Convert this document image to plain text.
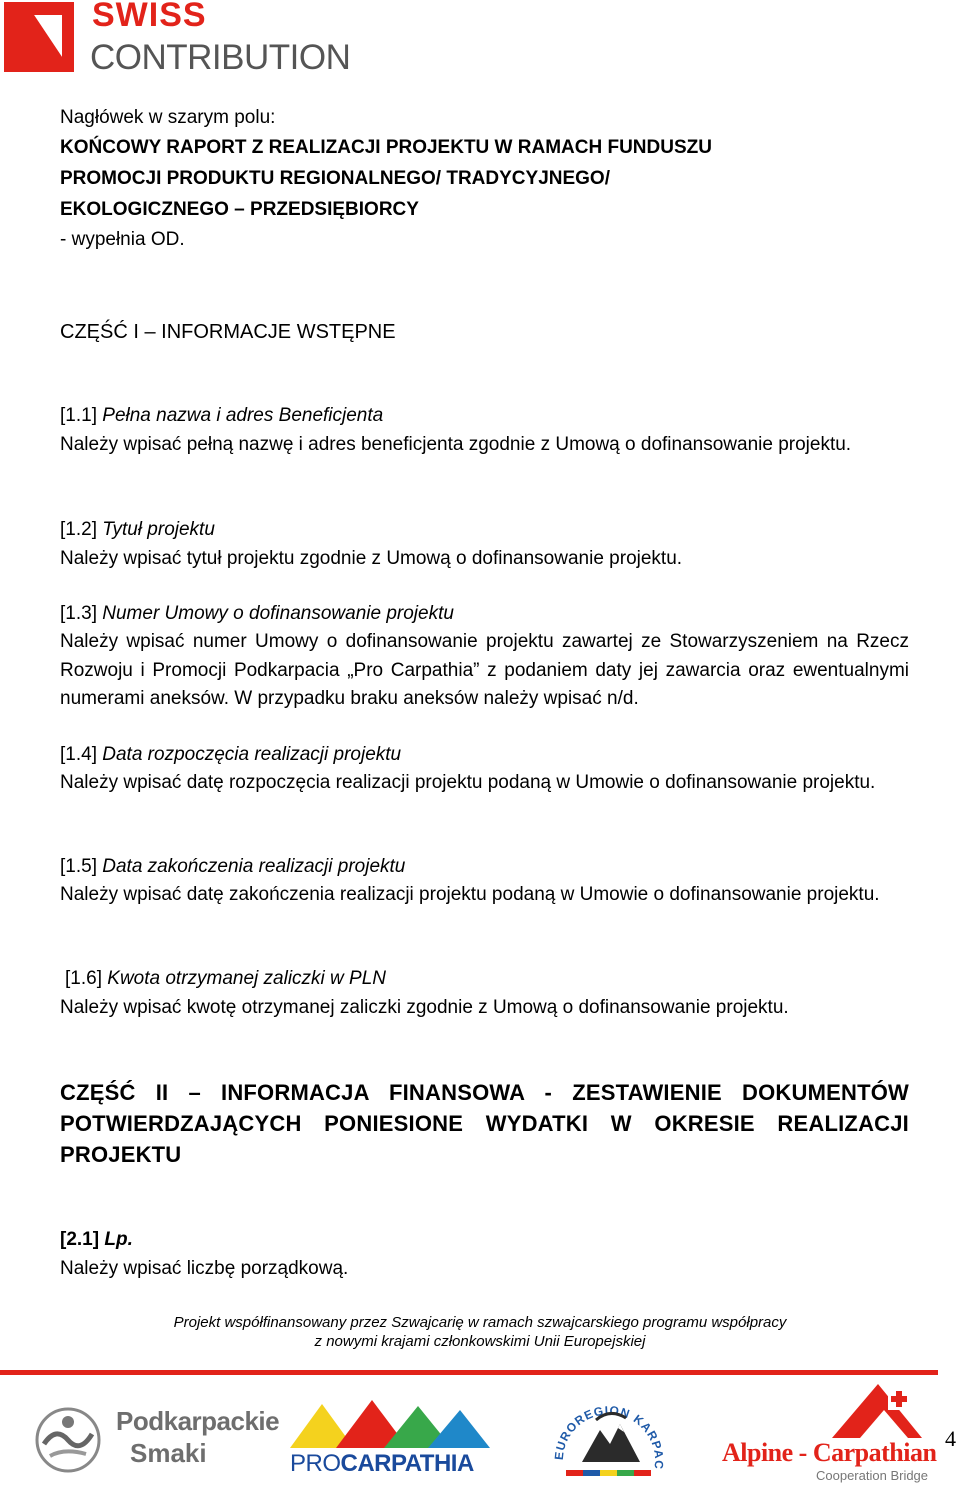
SWISS
CONTRIBUTION
Nagłówek w szarym polu:
KOŃCOWY RAPORT Z REALIZACJI PROJEKTU W RAMACH FUNDUSZU
PROMOCJI PRODUKTU REGIONALNEGO/ TRADYCYJNEGO/
EKOLOGICZNEGO – PRZEDSIĘBIORCY
- wypełnia OD.
CZĘŚĆ I – INFORMACJE WSTĘPNE
[1.1] Pełna nazwa i adres Beneficjenta
Należy wpisać pełną nazwę i adres beneficjenta zgodnie z Umową o dofinansowanie projektu.
[1.2] Tytuł projektu
Należy wpisać tytuł projektu zgodnie z Umową o dofinansowanie projektu.
[1.3] Numer Umowy o dofinansowanie projektu
Należy wpisać numer Umowy o dofinansowanie projektu zawartej ze Stowarzyszeniem na Rzecz Rozwoju i Promocji Podkarpacia „Pro Carpathia” z podaniem daty jej zawarcia oraz ewentualnymi numerami aneksów. W przypadku braku aneksów należy wpisać n/d.
[1.4] Data rozpoczęcia realizacji projektu
Należy wpisać datę rozpoczęcia realizacji projektu podaną w Umowie o dofinansowanie projektu.
[1.5] Data zakończenia realizacji projektu
Należy wpisać datę zakończenia realizacji projektu podaną w Umowie o dofinansowanie projektu.
[1.6] Kwota otrzymanej zaliczki w PLN
Należy wpisać kwotę otrzymanej zaliczki zgodnie z Umową o dofinansowanie projektu.
CZĘŚĆ II – INFORMACJA FINANSOWA - ZESTAWIENIE DOKUMENTÓW POTWIERDZAJĄCYCH PONIESIONE WYDATKI W OKRESIE REALIZACJI PROJEKTU
[2.1] Lp.
Należy wpisać liczbę porządkową.
Projekt współfinansowany przez Szwajcarię w ramach szwajcarskiego programu współpracy
z nowymi krajami członkowskimi Unii Europejskiej
Podkarpackie
Smaki	PROCARPATHIA	EUROREGION KARPAC Alpine - Carpathian
Cooperation Bridge
4
